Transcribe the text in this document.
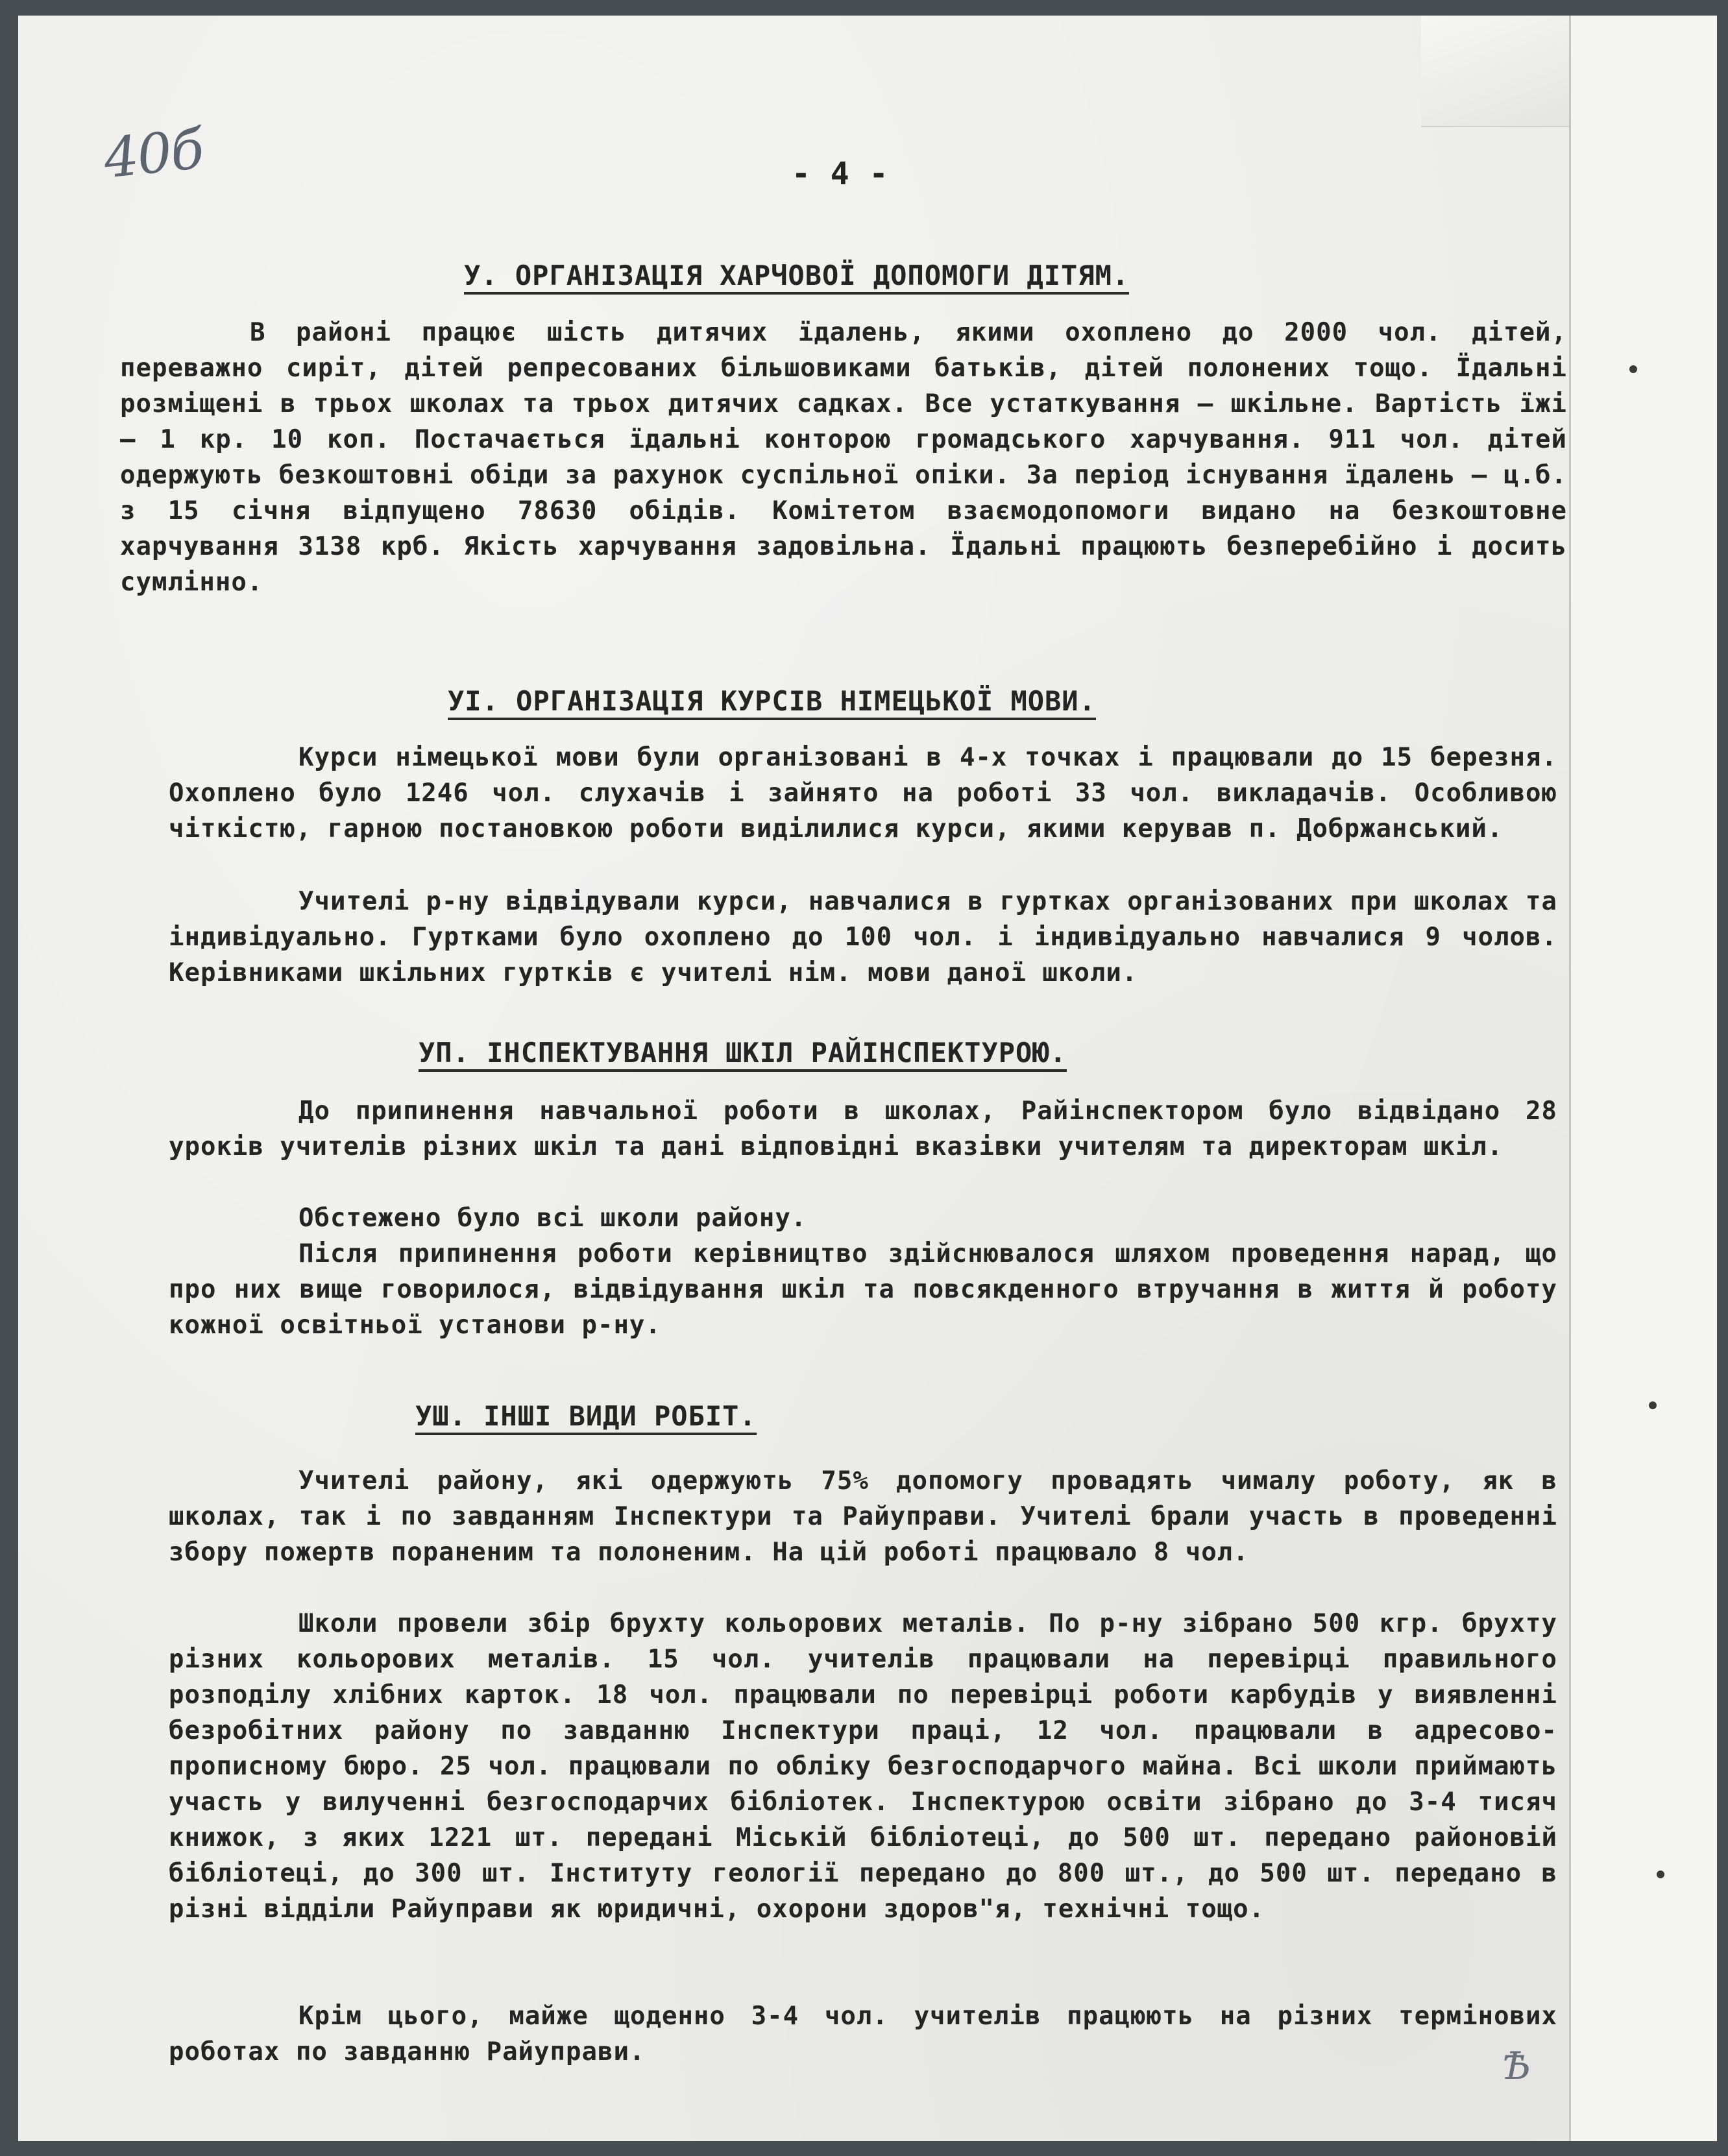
40б	- 4 -
У. ОРГАНІЗАЦІЯ ХАРЧОВОЇ ДОПОМОГИ ДІТЯМ.
В районі працює шість дитячих їдалень, якими охоплено до 2000 чол. дітей, переважно сиріт, дітей репресованих більшовиками батьків, дітей полонених тощо. Їдальні розміщені в трьох школах та трьох дитячих садках. Все устаткування – шкільне. Вартість їжі – 1 кр. 10 коп. Постачається їдальні конторою громадського харчування. 911 чол. дітей одержують безкоштовні обіди за рахунок суспільної опіки. За період існування їдалень – ц.б. з 15 січня відпущено 78630 обідів. Комітетом взаємодопомоги видано на безкоштовне харчування 3138 крб. Якість харчування задовільна. Їдальні працюють безперебійно і досить сумлінно.
УІ. ОРГАНІЗАЦІЯ КУРСІВ НІМЕЦЬКОЇ МОВИ.
Курси німецької мови були організовані в 4-х точках і працювали до 15 березня. Охоплено було 1246 чол. слухачів і зайнято на роботі 33 чол. викладачів. Особливою чіткістю, гарною постановкою роботи виділилися курси, якими керував п. Добржанський.
Учителі р-ну відвідували курси, навчалися в гуртках організованих при школах та індивідуально. Гуртками було охоплено до 100 чол. і індивідуально навчалися 9 чолов. Керівниками шкільних гуртків є учителі нім. мови даної школи.
УП. ІНСПЕКТУВАННЯ ШКІЛ РАЙІНСПЕКТУРОЮ.
До припинення навчальної роботи в школах, Райінспектором було відвідано 28 уроків учителів різних шкіл та дані відповідні вказівки учителям та директорам шкіл.
Обстежено було всі школи району.
Після припинення роботи керівництво здійснювалося шляхом проведення нарад, що про них вище говорилося, відвідування шкіл та повсякденного втручання в життя й роботу кожної освітньої установи р-ну.
УШ. ІНШІ ВИДИ РОБІТ.
Учителі району, які одержують 75% допомогу провадять чималу роботу, як в школах, так і по завданням Інспектури та Райуправи. Учителі брали участь в проведенні збору пожертв пораненим та полоненим. На цій роботі працювало 8 чол.
Школи провели збір брухту кольорових металів. По р-ну зібрано 500 кгр. брухту різних кольорових металів. 15 чол. учителів працювали на перевірці правильного розподілу хлібних карток. 18 чол. працювали по перевірці роботи карбудів у виявленні безробітних району по завданню Інспектури праці, 12 чол. працювали в адресово-прописному бюро. 25 чол. працювали по обліку безгосподарчого майна. Всі школи приймають участь у вилученні безгосподарчих бібліотек. Інспектурою освіти зібрано до 3-4 тисяч книжок, з яких 1221 шт. передані Міській бібліотеці, до 500 шт. передано районовій бібліотеці, до 300 шт. Інституту геології передано до 800 шт., до 500 шт. передано в різні відділи Райуправи як юридичні, охорони здоров"я, технічні тощо.
Крім цього, майже щоденно 3-4 чол. учителів працюють на різних термінових роботах по завданню Райуправи.	Ѣ
